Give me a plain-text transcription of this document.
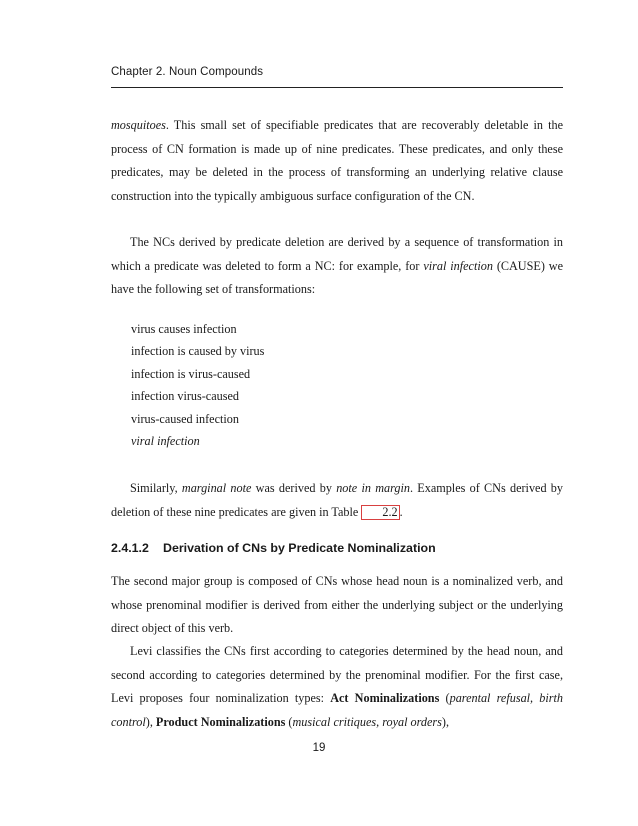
Chapter 2. Noun Compounds

mosquitoes. This small set of specifiable predicates that are recoverably deletable in the process of CN formation is made up of nine predicates. These predicates, and only these predicates, may be deleted in the process of transforming an underlying relative clause construction into the typically ambiguous surface configuration of the CN.

The NCs derived by predicate deletion are derived by a sequence of transformation in which a predicate was deleted to form a NC: for example, for viral infection (CAUSE) we have the following set of transformations:

virus causes infection
infection is caused by virus
infection is virus-caused
infection virus-caused
virus-caused infection
viral infection

Similarly, marginal note was derived by note in margin. Examples of CNs derived by deletion of these nine predicates are given in Table 2.2 .

2.4.1.2 Derivation of CNs by Predicate Nominalization

The second major group is composed of CNs whose head noun is a nominalized verb, and whose prenominal modifier is derived from either the underlying subject or the underlying direct object of this verb.

Levi classifies the CNs first according to categories determined by the head noun, and second according to categories determined by the prenominal modifier. For the first case, Levi proposes four nominalization types: Act Nominalizations (parental refusal, birth control), Product Nominalizations (musical critiques, royal orders),

19
